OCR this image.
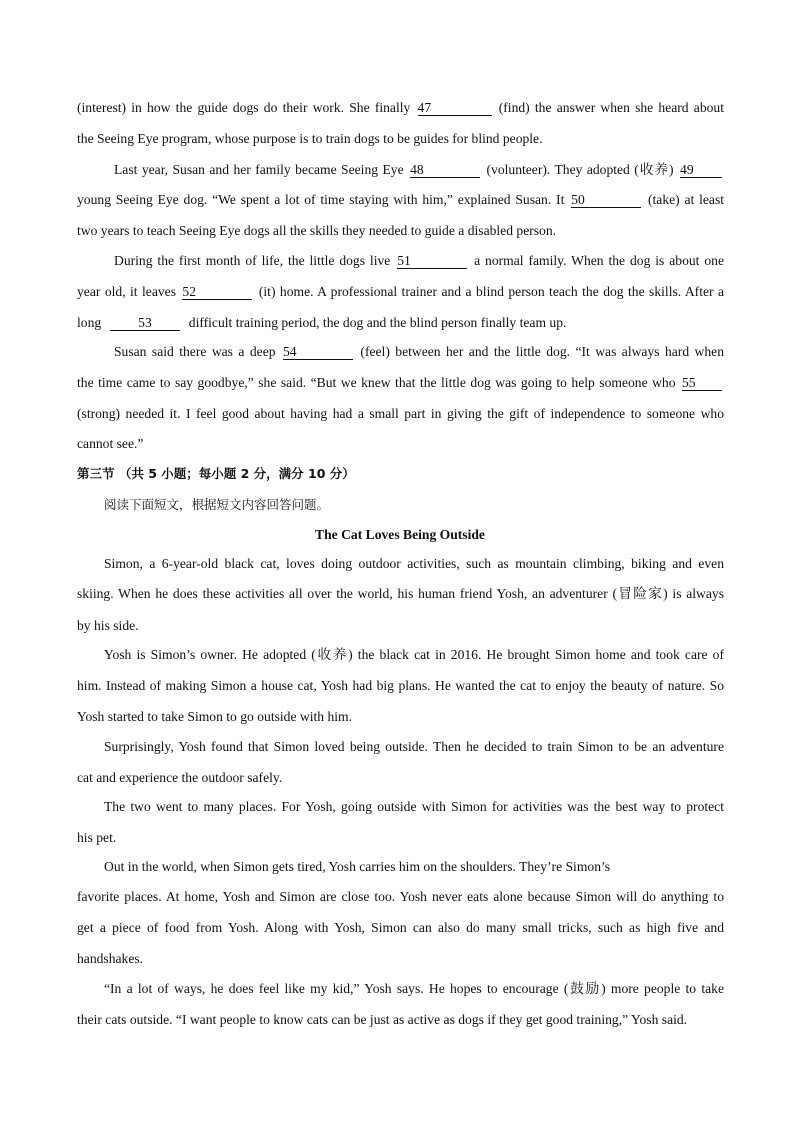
(interest) in how the guide dogs do their work. She finally 47	(find) the answer when she heard about
the Seeing Eye program, whose purpose is to train dogs to be guides for blind people.
Last year, Susan and her family became Seeing Eye 48	(volunteer). They adopted (收养) 49
young Seeing Eye dog. “We spent a lot of time staying with him,” explained Susan. It 50	(take) at least
two years to teach Seeing Eye dogs all the skills they needed to guide a disabled person.
During the first month of life, the little dogs live 51	a normal family. When the dog is about one
year old, it leaves 52	(it) home. A professional trainer and a blind person teach the dog the skills. After a
long	53	difficult training period, the dog and the blind person finally team up.
Susan said there was a deep 54	(feel) between her and the little dog. “It was always hard when
the time came to say goodbye,” she said. “But we knew that the little dog was going to help someone who 55
(strong) needed it. I feel good about having had a small part in giving the gift of independence to someone who
cannot see.”
第三节 （共 5 小题；每小题 2 分，满分 10 分）
阅读下面短文，根据短文内容回答问题。
The Cat Loves Being Outside
Simon, a 6-year-old black cat, loves doing outdoor activities, such as mountain climbing, biking and even
skiing. When he does these activities all over the world, his human friend Yosh, an adventurer (冒险家) is always
by his side.
Yosh is Simon’s owner. He adopted (收养) the black cat in 2016. He brought Simon home and took care of
him. Instead of making Simon a house cat, Yosh had big plans. He wanted the cat to enjoy the beauty of nature. So
Yosh started to take Simon to go outside with him.
Surprisingly, Yosh found that Simon loved being outside. Then he decided to train Simon to be an adventure
cat and experience the outdoor safely.
The two went to many places. For Yosh, going outside with Simon for activities was the best way to protect
his pet.
Out in the world, when Simon gets tired, Yosh carries him on the shoulders. They’re Simon’s
favorite places. At home, Yosh and Simon are close too. Yosh never eats alone because Simon will do anything to
get a piece of food from Yosh. Along with Yosh, Simon can also do many small tricks, such as high five and
handshakes.
“In a lot of ways, he does feel like my kid,” Yosh says. He hopes to encourage (鼓励) more people to take
their cats outside. “I want people to know cats can be just as active as dogs if they get good training,” Yosh said.
